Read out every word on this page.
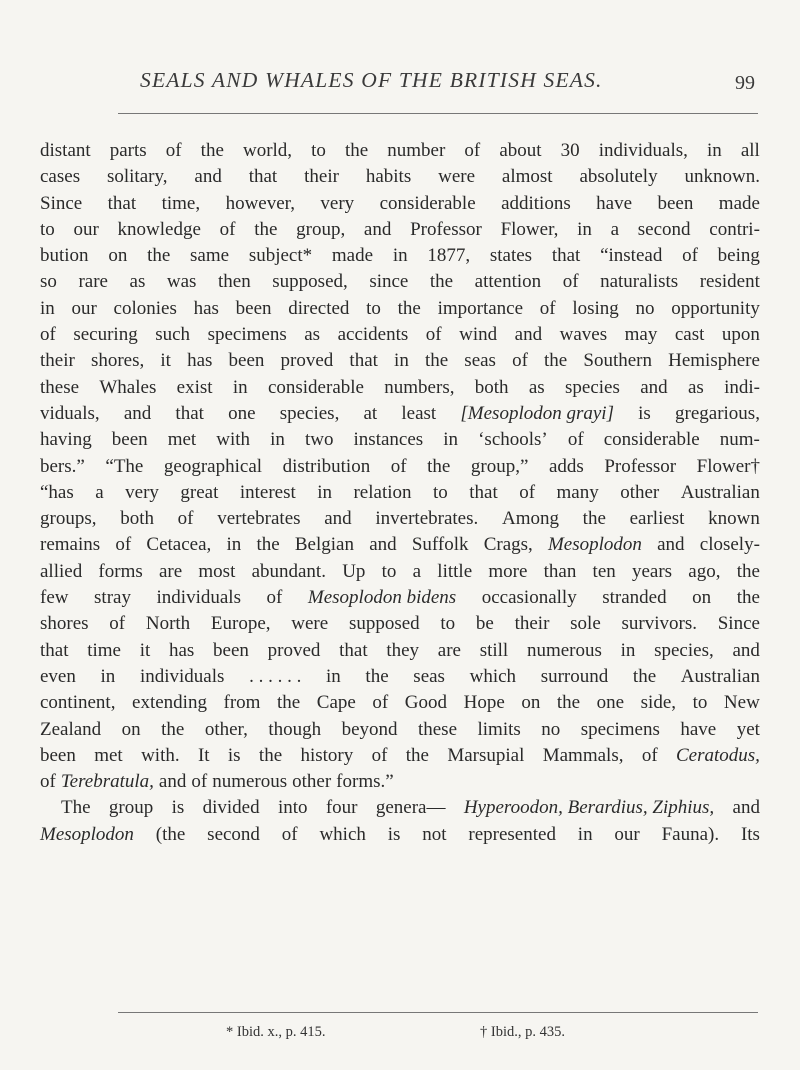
SEALS AND WHALES OF THE BRITISH SEAS.	99
distant parts of the world, to the number of about 30 individuals, in all
cases solitary, and that their habits were almost absolutely unknown.
Since that time, however, very considerable additions have been made
to our knowledge of the group, and Professor Flower, in a second contri-
bution on the same subject* made in 1877, states that “instead of being
so rare as was then supposed, since the attention of naturalists resident
in our colonies has been directed to the importance of losing no opportunity
of securing such specimens as accidents of wind and waves may cast upon
their shores, it has been proved that in the seas of the Southern Hemisphere
these Whales exist in considerable numbers, both as species and as indi-
viduals, and that one species, at least [Mesoplodon grayi] is gregarious,
having been met with in two instances in ‘schools’ of considerable num-
bers.” “The geographical distribution of the group,” adds Professor Flower†
“has a very great interest in relation to that of many other Australian
groups, both of vertebrates and invertebrates. Among the earliest known
remains of Cetacea, in the Belgian and Suffolk Crags, Mesoplodon and closely-
allied forms are most abundant. Up to a little more than ten years ago, the
few stray individuals of Mesoplodon bidens occasionally stranded on the
shores of North Europe, were supposed to be their sole survivors. Since
that time it has been proved that they are still numerous in species, and
even in individuals . . . . . . in the seas which surround the Australian
continent, extending from the Cape of Good Hope on the one side, to New
Zealand on the other, though beyond these limits no specimens have yet
been met with. It is the history of the Marsupial Mammals, of Ceratodus,
of Terebratula, and of numerous other forms.”
The group is divided into four genera— Hyperoodon, Berardius, Ziphius, and
Mesoplodon (the second of which is not represented in our Fauna). Its
* Ibid. x., p. 415.	† Ibid., p. 435.
